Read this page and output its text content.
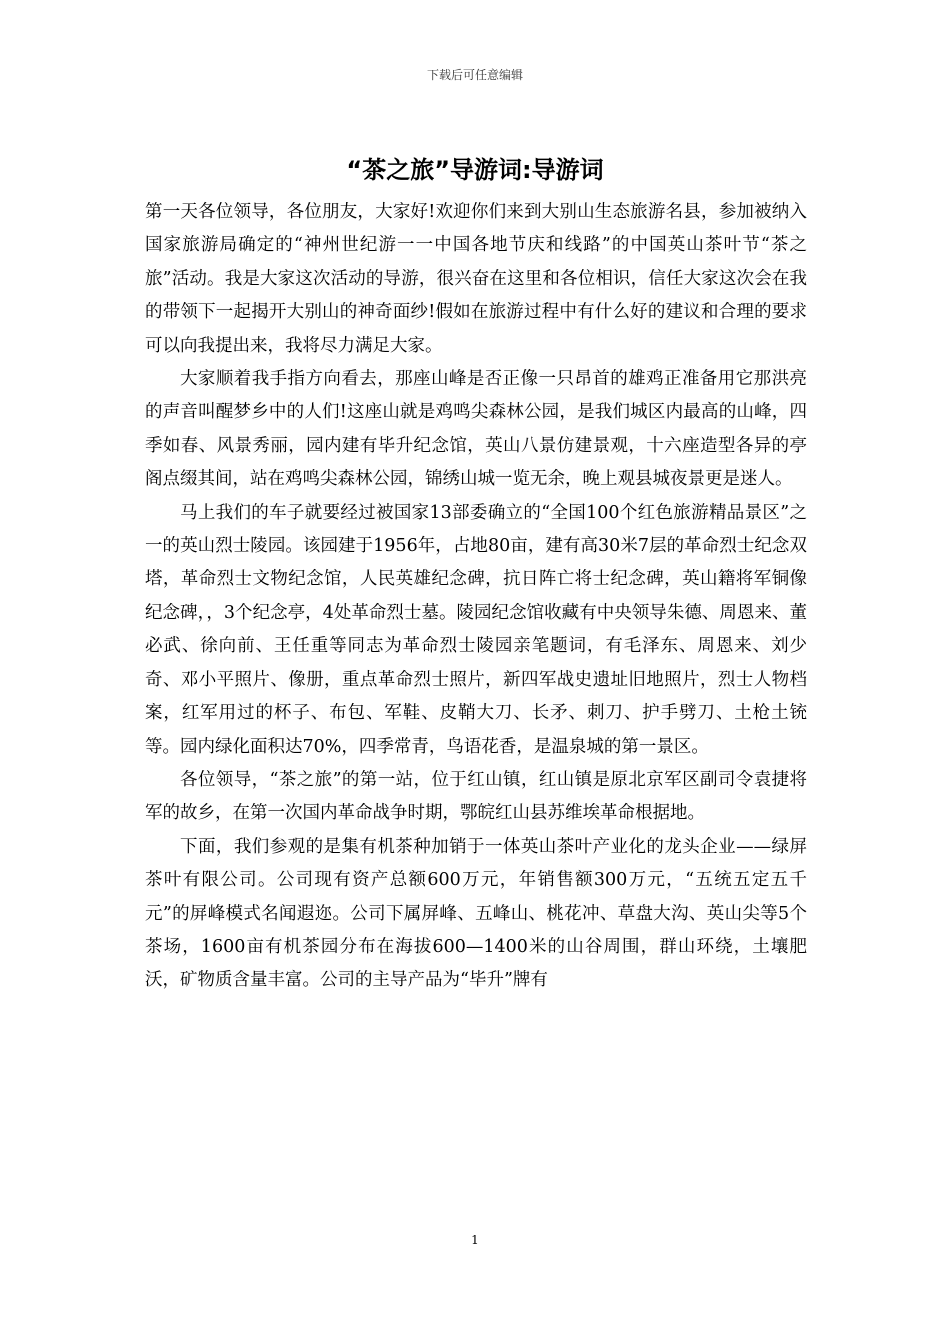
下载后可任意编辑
“茶之旅”导游词:导游词

第一天各位领导，各位朋友，大家好!欢迎你们来到大别山生态旅游名县，参加被纳入国家旅游局确定的“神州世纪游一一中国各地节庆和线路”的中国英山茶叶节“茶之旅”活动。我是大家这次活动的导游，很兴奋在这里和各位相识，信任大家这次会在我的带领下一起揭开大别山的神奇面纱!假如在旅游过程中有什么好的建议和合理的要求可以向我提出来，我将尽力满足大家。

大家顺着我手指方向看去，那座山峰是否正像一只昂首的雄鸡正准备用它那洪亮的声音叫醒梦乡中的人们!这座山就是鸡鸣尖森林公园，是我们城区内最高的山峰，四季如春、风景秀丽，园内建有毕升纪念馆，英山八景仿建景观，十六座造型各异的亭阁点缀其间，站在鸡鸣尖森林公园，锦绣山城一览无余，晚上观县城夜景更是迷人。

马上我们的车子就要经过被国家13部委确立的“全国100个红色旅游精品景区”之一的英山烈士陵园。该园建于1956年，占地80亩，建有高30米7层的革命烈士纪念双塔，革命烈士文物纪念馆，人民英雄纪念碑，抗日阵亡将士纪念碑，英山籍将军铜像纪念碑，，3个纪念亭，4处革命烈士墓。陵园纪念馆收藏有中央领导朱德、周恩来、董必武、徐向前、王任重等同志为革命烈士陵园亲笔题词，有毛泽东、周恩来、刘少奇、邓小平照片、像册，重点革命烈士照片，新四军战史遗址旧地照片，烈士人物档案，红军用过的杯子、布包、军鞋、皮鞘大刀、长矛、刺刀、护手劈刀、土枪土铳等。园内绿化面积达70%，四季常青，鸟语花香，是温泉城的第一景区。

各位领导，“茶之旅”的第一站，位于红山镇，红山镇是原北京军区副司令袁捷将军的故乡，在第一次国内革命战争时期，鄂皖红山县苏维埃革命根据地。

下面，我们参观的是集有机茶种加销于一体英山茶叶产业化的龙头企业——绿屏茶叶有限公司。公司现有资产总额600万元，年销售额300万元，“五统五定五千元”的屏峰模式名闻遐迩。公司下属屏峰、五峰山、桃花冲、草盘大沟、英山尖等5个茶场，1600亩有机茶园分布在海拔600—1400米的山谷周围，群山环绕，土壤肥沃，矿物质含量丰富。公司的主导产品为“毕升”牌有

1
